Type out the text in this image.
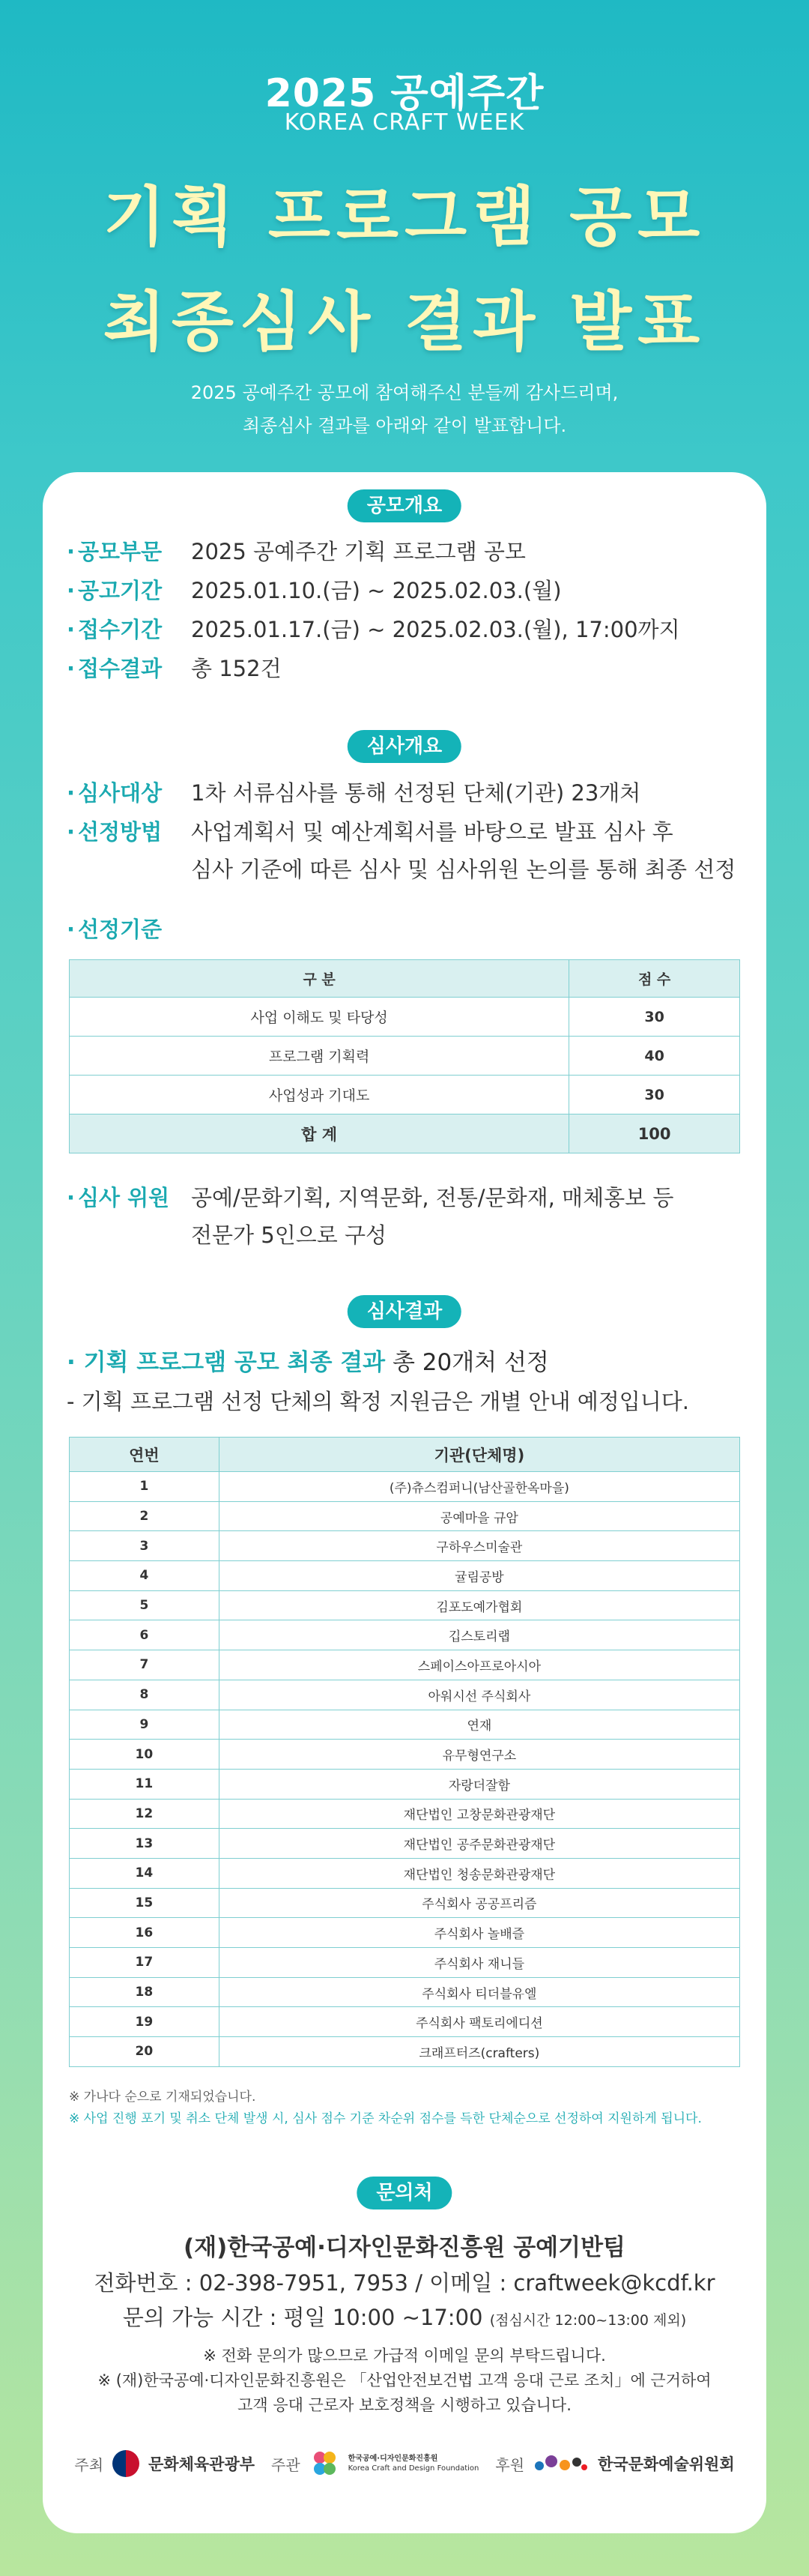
2025 공예주간
KOREA CRAFT WEEK
기획 프로그램 공모
최종심사 결과 발표
2025 공예주간 공모에 참여해주신 분들께 감사드리며,
최종심사 결과를 아래와 같이 발표합니다.
공모개요
· 공모부문	2025 공예주간 기획 프로그램 공모
· 공고기간	2025.01.10.(금) ~ 2025.02.03.(월)
· 접수기간	2025.01.17.(금) ~ 2025.02.03.(월), 17:00까지
· 접수결과	총 152건
심사개요
· 심사대상	1차 서류심사를 통해 선정된 단체(기관) 23개처
· 선정방법	사업계획서 및 예산계획서를 바탕으로 발표 심사 후
심사 기준에 따른 심사 및 심사위원 논의를 통해 최종 선정
· 선정기준
구 분	점 수
사업 이해도 및 타당성	30
프로그램 기획력	40
사업성과 기대도	30
합 계	100
· 심사 위원 공예/문화기획, 지역문화, 전통/문화재, 매체홍보 등
전문가 5인으로 구성
심사결과
· 기획 프로그램 공모 최종 결과 총 20개처 선정
- 기획 프로그램 선정 단체의 확정 지원금은 개별 안내 예정입니다.
연번	기관(단체명)
1	(주)츄스컴퍼니(남산골한옥마을)
2	공예마을 규암
3	구하우스미술관
4	귤림공방
5	김포도예가협회
6	깁스토리랩
7	스페이스아프로아시아
8	아워시선 주식회사
9	연재
10	유무형연구소
11	자랑더잘함
12	재단법인 고창문화관광재단
13	재단법인 공주문화관광재단
14	재단법인 청송문화관광재단
15	주식회사 공공프리즘
16	주식회사 놀배즐
17	주식회사 재니들
18	주식회사 티더블유엘
19	주식회사 팩토리에디션
20	크래프터즈(crafters)
※ 가나다 순으로 기재되었습니다.
※ 사업 진행 포기 및 취소 단체 발생 시, 심사 점수 기준 차순위 점수를 득한 단체순으로 선정하여 지원하게 됩니다.
문의처
(재)한국공예·디자인문화진흥원 공예기반팀
전화번호 : 02-398-7951, 7953 / 이메일 : craftweek@kcdf.kr
문의 가능 시간 : 평일 10:00 ~17:00 (점심시간 12:00~13:00 제외)
※ 전화 문의가 많으므로 가급적 이메일 문의 부탁드립니다.
※ (재)한국공예·디자인문화진흥원은 「산업안전보건법 고객 응대 근로 조치」에 근거하여
고객 응대 근로자 보호정책을 시행하고 있습니다.
주최	문화체육관광부 주관	한국공예·디자인문화진흥원
Korea Craft and Design Foundation 후원	한국문화예술위원회
